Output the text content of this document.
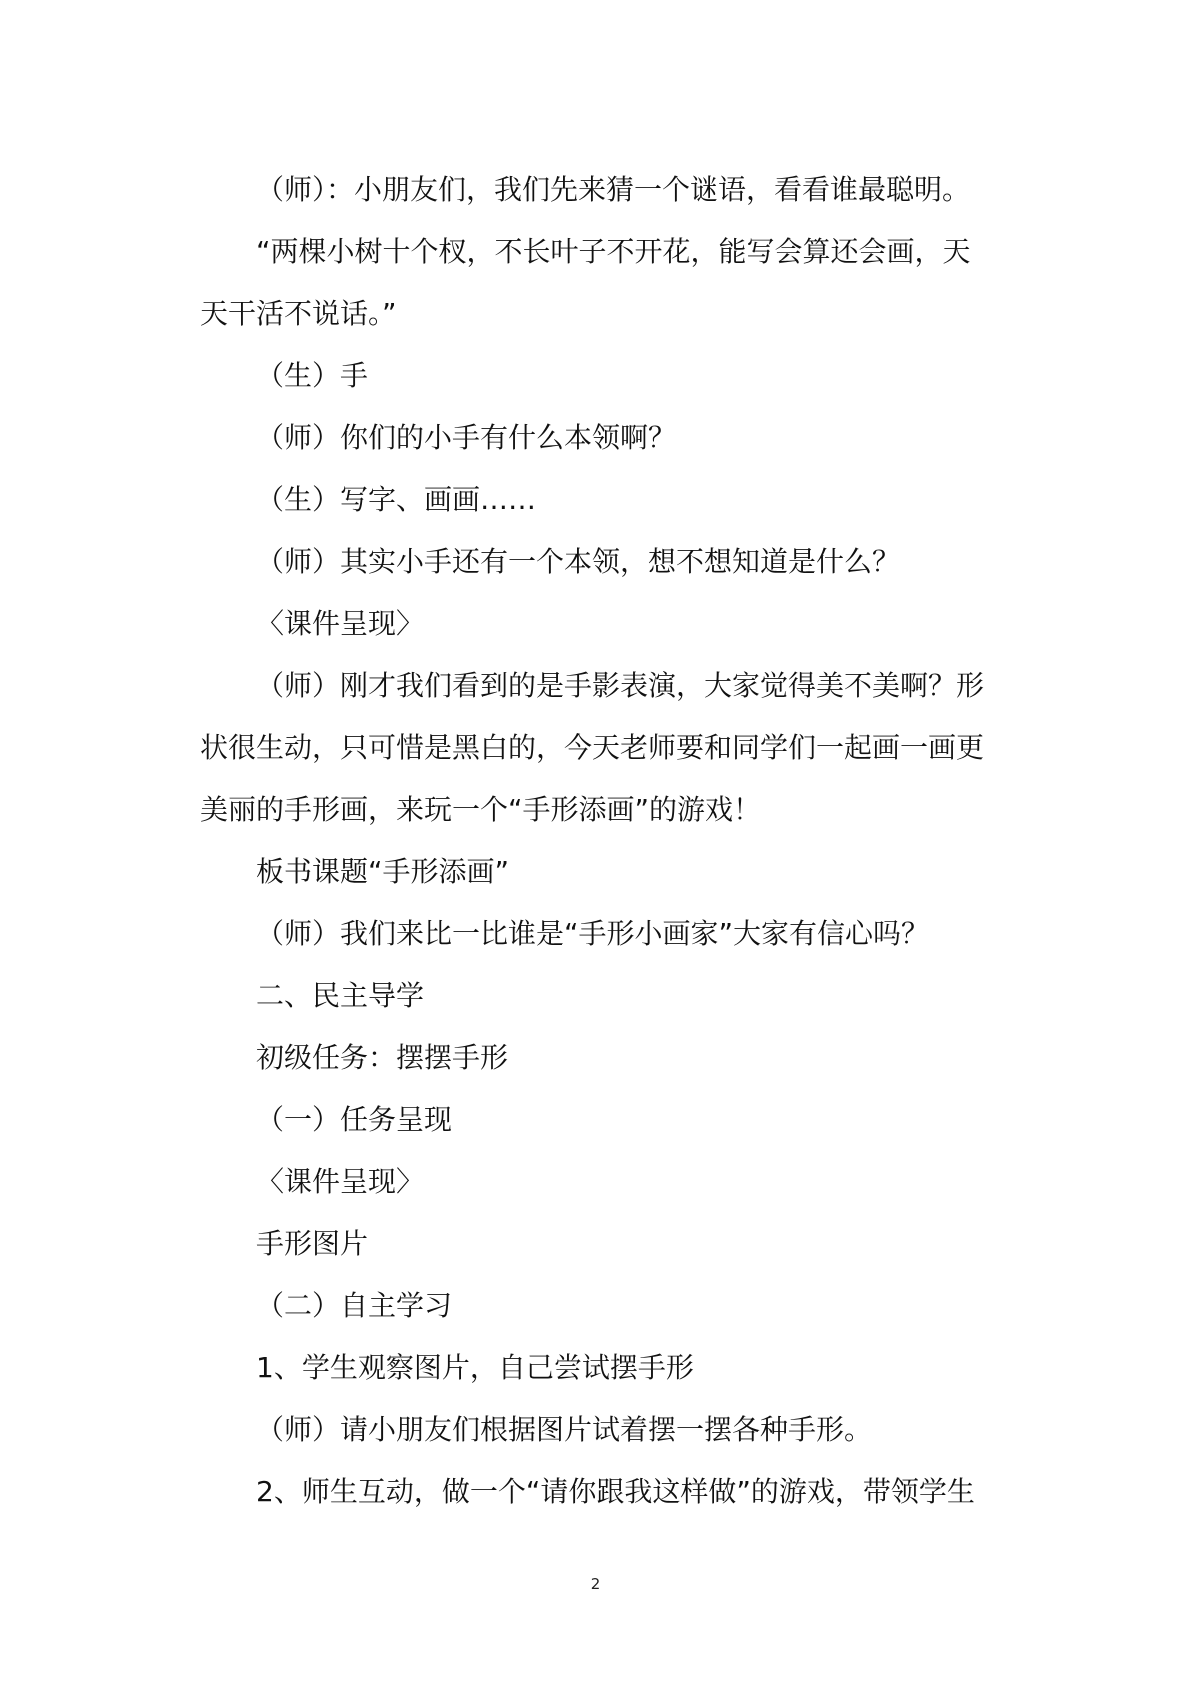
（师）：小朋友们，我们先来猜一个谜语，看看谁最聪明。
“两棵小树十个杈，不长叶子不开花，能写会算还会画，天
天干活不说话。”
（生）手
（师）你们的小手有什么本领啊？
（生）写字、画画……
（师）其实小手还有一个本领，想不想知道是什么？
〈课件呈现〉
（师）刚才我们看到的是手影表演，大家觉得美不美啊？形
状很生动，只可惜是黑白的，今天老师要和同学们一起画一画更
美丽的手形画，来玩一个“手形添画”的游戏！
板书课题“手形添画”
（师）我们来比一比谁是“手形小画家”大家有信心吗？
二、民主导学
初级任务：摆摆手形
（一）任务呈现
〈课件呈现〉
手形图片
（二）自主学习
1、学生观察图片，自己尝试摆手形
（师）请小朋友们根据图片试着摆一摆各种手形。
2、师生互动，做一个“请你跟我这样做”的游戏，带领学生
2
